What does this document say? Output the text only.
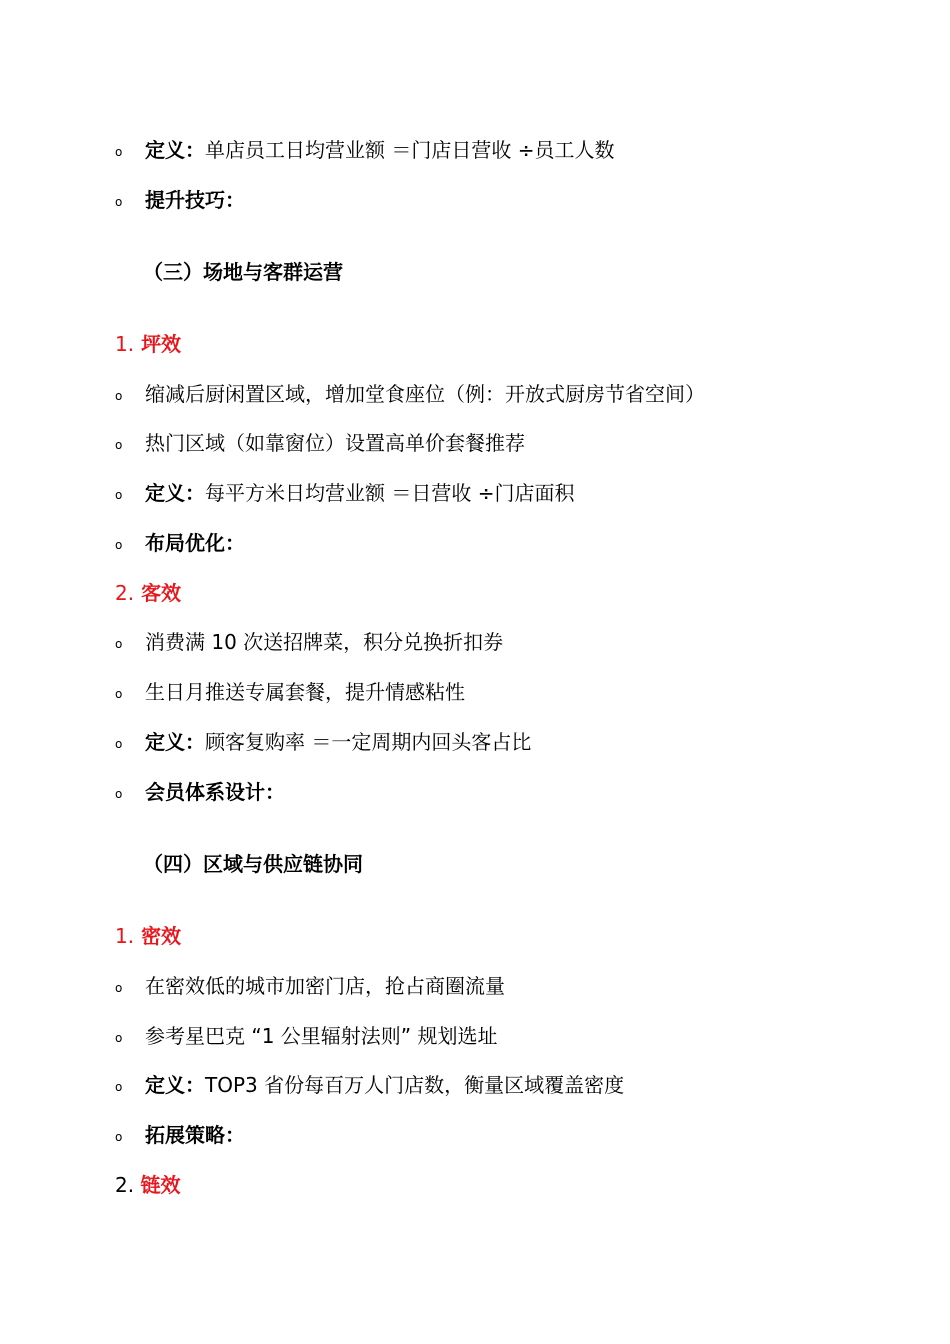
o 定义：单店员工日均营业额 ＝门店日营收 ÷员工人数
o 提升技巧：
（三）场地与客群运营
1. 坪效
o 缩减后厨闲置区域，增加堂食座位（例：开放式厨房节省空间）
o 热门区域（如靠窗位）设置高单价套餐推荐
o 定义：每平方米日均营业额 ＝日营收 ÷门店面积
o 布局优化：
2. 客效
o 消费满 10 次送招牌菜，积分兑换折扣券
o 生日月推送专属套餐，提升情感粘性
o 定义：顾客复购率 ＝一定周期内回头客占比
o 会员体系设计：
（四）区域与供应链协同
1. 密效
o 在密效低的城市加密门店，抢占商圈流量
o 参考星巴克 “1 公里辐射法则” 规划选址
o 定义：TOP3 省份每百万人门店数，衡量区域覆盖密度
o 拓展策略：
2. 链效
